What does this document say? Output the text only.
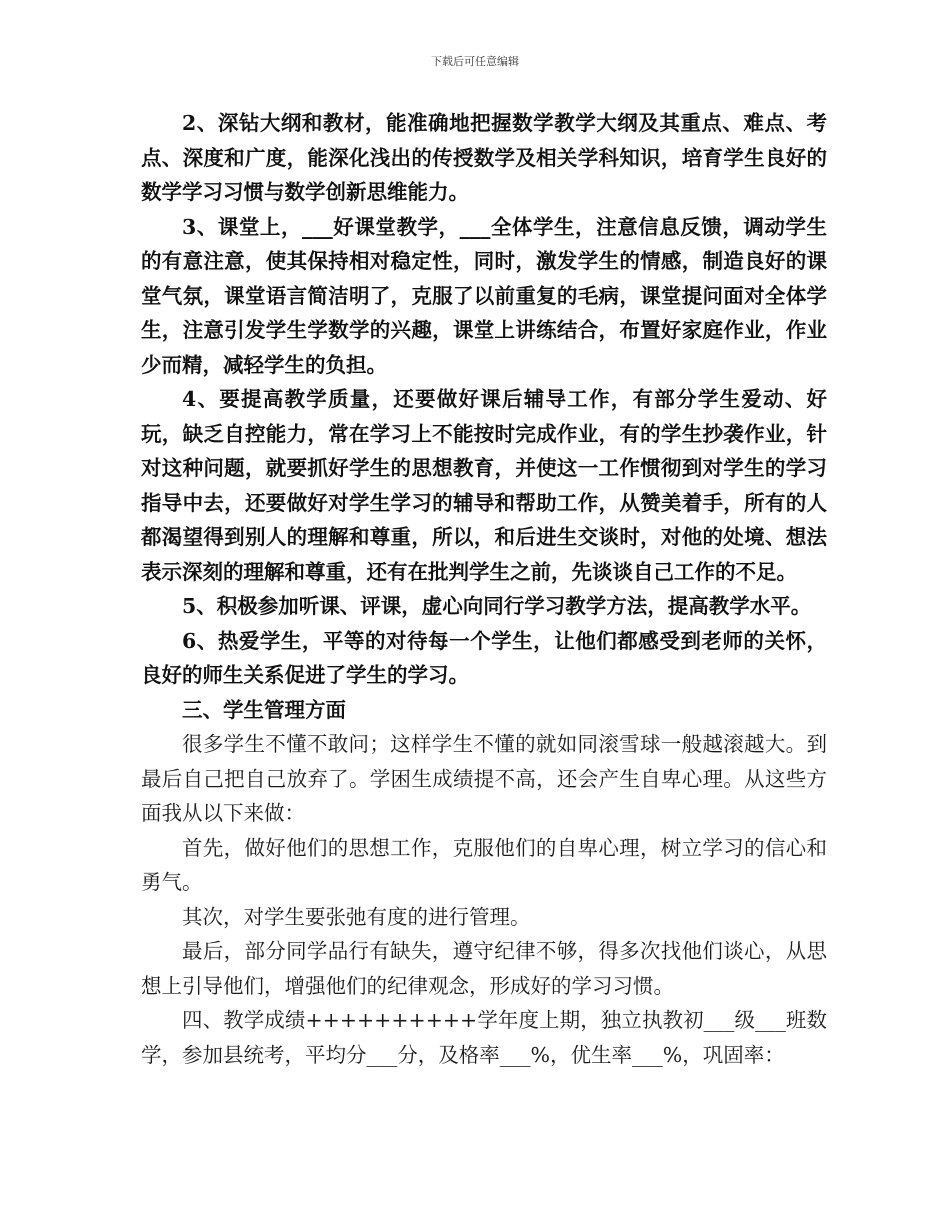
下载后可任意编辑

2、深钻大纲和教材，能准确地把握数学教学大纲及其重点、难点、考点、深度和广度，能深化浅出的传授数学及相关学科知识，培育学生良好的数学学习习惯与数学创新思维能力。

3、课堂上，___好课堂教学，___全体学生，注意信息反馈，调动学生的有意注意，使其保持相对稳定性，同时，激发学生的情感，制造良好的课堂气氛，课堂语言简洁明了，克服了以前重复的毛病，课堂提问面对全体学生，注意引发学生学数学的兴趣，课堂上讲练结合，布置好家庭作业，作业少而精，减轻学生的负担。

4、要提高教学质量，还要做好课后辅导工作，有部分学生爱动、好玩，缺乏自控能力，常在学习上不能按时完成作业，有的学生抄袭作业，针对这种问题，就要抓好学生的思想教育，并使这一工作惯彻到对学生的学习指导中去，还要做好对学生学习的辅导和帮助工作，从赞美着手，所有的人都渴望得到别人的理解和尊重，所以，和后进生交谈时，对他的处境、想法表示深刻的理解和尊重，还有在批判学生之前，先谈谈自己工作的不足。

5、积极参加听课、评课，虚心向同行学习教学方法，提高教学水平。

6、热爱学生，平等的对待每一个学生，让他们都感受到老师的关怀，良好的师生关系促进了学生的学习。

三、学生管理方面

很多学生不懂不敢问；这样学生不懂的就如同滚雪球一般越滚越大。到最后自己把自己放弃了。学困生成绩提不高，还会产生自卑心理。从这些方面我从以下来做：

首先，做好他们的思想工作，克服他们的自卑心理，树立学习的信心和勇气。

其次，对学生要张弛有度的进行管理。

最后，部分同学品行有缺失，遵守纪律不够，得多次找他们谈心，从思想上引导他们，增强他们的纪律观念，形成好的学习习惯。

四、教学成绩++++++++++学年度上期，独立执教初___级___班数学，参加县统考，平均分___分，及格率___%，优生率___%，巩固率：
